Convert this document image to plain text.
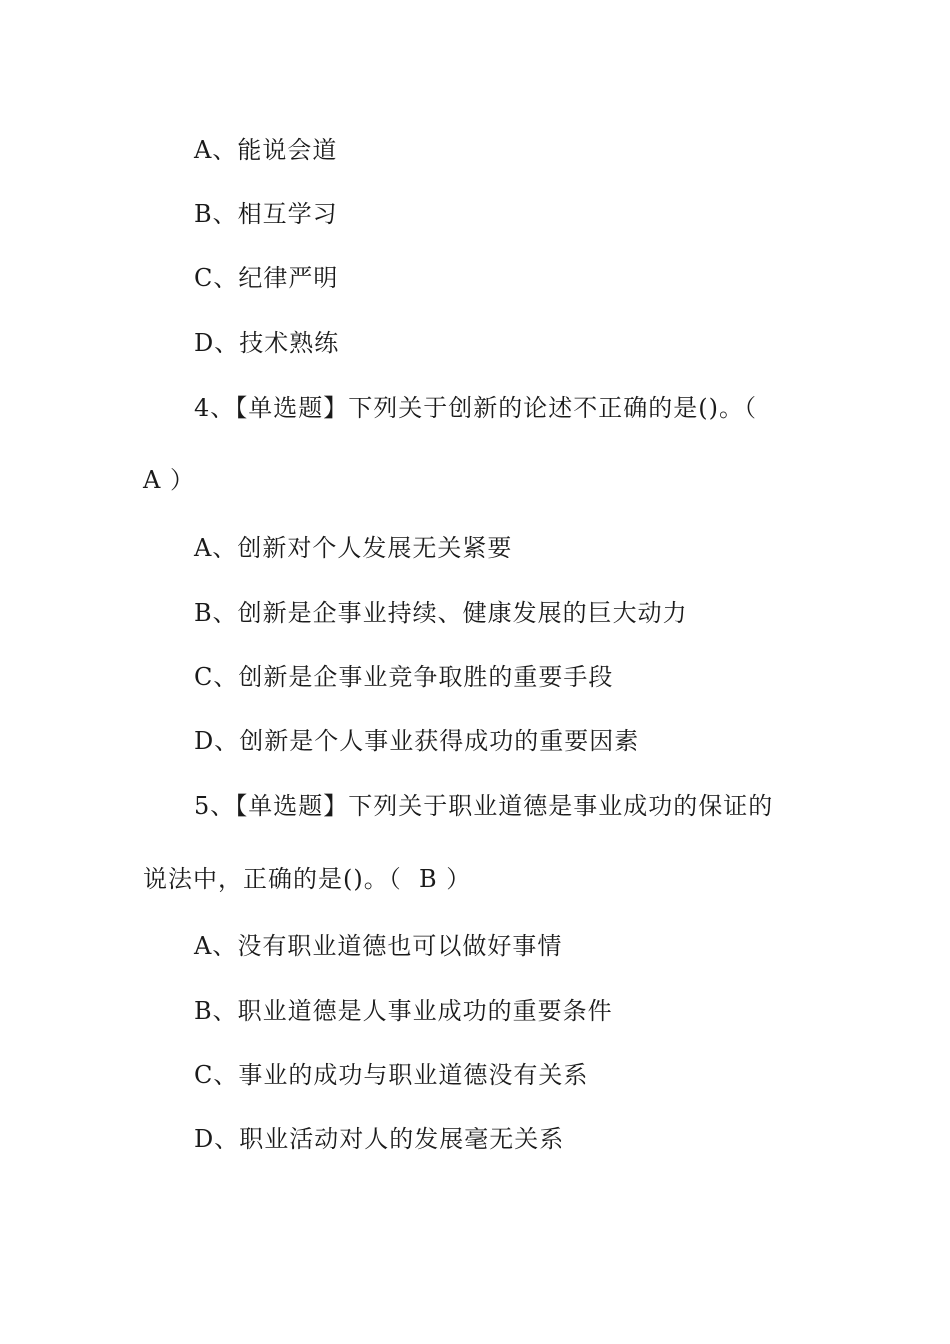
A、能说会道
B、相互学习
C、纪律严明
D、技术熟练
4、【单选题】下列关于创新的论述不正确的是()。（
A ）
A、创新对个人发展无关紧要
B、创新是企事业持续、健康发展的巨大动力
C、创新是企事业竞争取胜的重要手段
D、创新是个人事业获得成功的重要因素
5、【单选题】下列关于职业道德是事业成功的保证的
说法中，正确的是()。（  B ）
A、没有职业道德也可以做好事情
B、职业道德是人事业成功的重要条件
C、事业的成功与职业道德没有关系
D、职业活动对人的发展毫无关系
